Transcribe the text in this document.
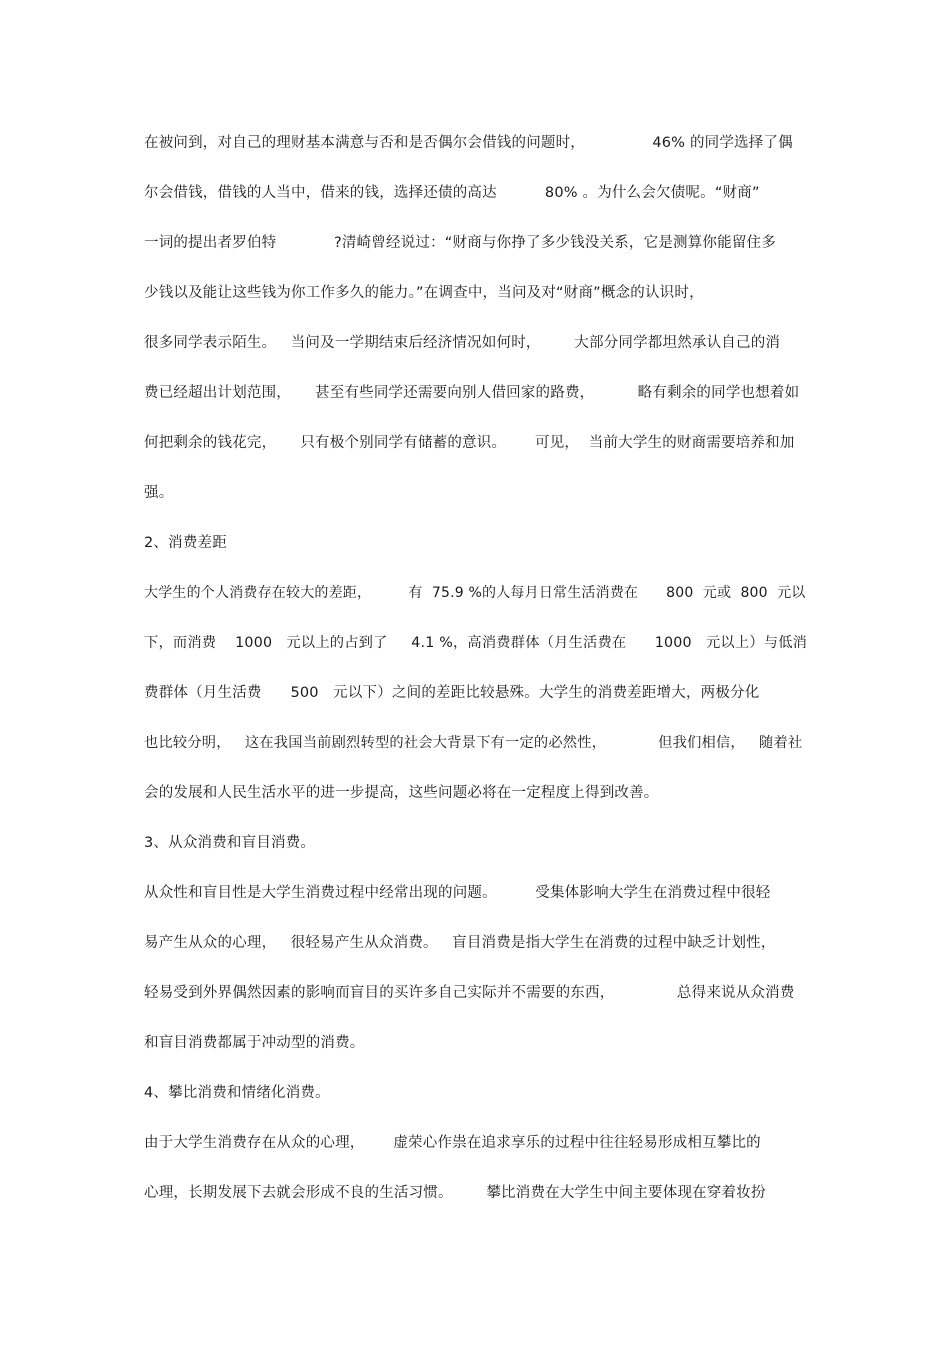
在被问到，对自己的理财基本满意与否和是否偶尔会借钱的问题时，              46% 的同学选择了偶
尔会借钱，借钱的人当中，借来的钱，选择还债的高达          80% 。为什么会欠债呢。“财商”
一词的提出者罗伯特            ?清崎曾经说过：“财商与你挣了多少钱没关系，它是测算你能留住多
少钱以及能让这些钱为你工作多久的能力。”在调查中，当问及对“财商”概念的认识时，
很多同学表示陌生。   当问及一学期结束后经济情况如何时，       大部分同学都坦然承认自己的消
费已经超出计划范围，     甚至有些同学还需要向别人借回家的路费，         略有剩余的同学也想着如
何把剩余的钱花完，     只有极个别同学有储蓄的意识。      可见，  当前大学生的财商需要培养和加
强。
2、消费差距
大学生的个人消费存在较大的差距，        有  75.9 %的人每月日常生活消费在      800  元或  800  元以
下，而消费    1000   元以上的占到了     4.1 %，高消费群体（月生活费在      1000   元以上）与低消
费群体（月生活费      500   元以下）之间的差距比较悬殊。大学生的消费差距增大，两极分化
也比较分明，   这在我国当前剧烈转型的社会大背景下有一定的必然性，           但我们相信，   随着社
会的发展和人民生活水平的进一步提高，这些问题必将在一定程度上得到改善。
3、从众消费和盲目消费。
从众性和盲目性是大学生消费过程中经常出现的问题。        受集体影响大学生在消费过程中很轻
易产生从众的心理，   很轻易产生从众消费。   盲目消费是指大学生在消费的过程中缺乏计划性，
轻易受到外界偶然因素的影响而盲目的买许多自己实际并不需要的东西，             总得来说从众消费
和盲目消费都属于冲动型的消费。
4、攀比消费和情绪化消费。
由于大学生消费存在从众的心理，      虚荣心作祟在追求享乐的过程中往往轻易形成相互攀比的
心理，长期发展下去就会形成不良的生活习惯。       攀比消费在大学生中间主要体现在穿着妆扮
